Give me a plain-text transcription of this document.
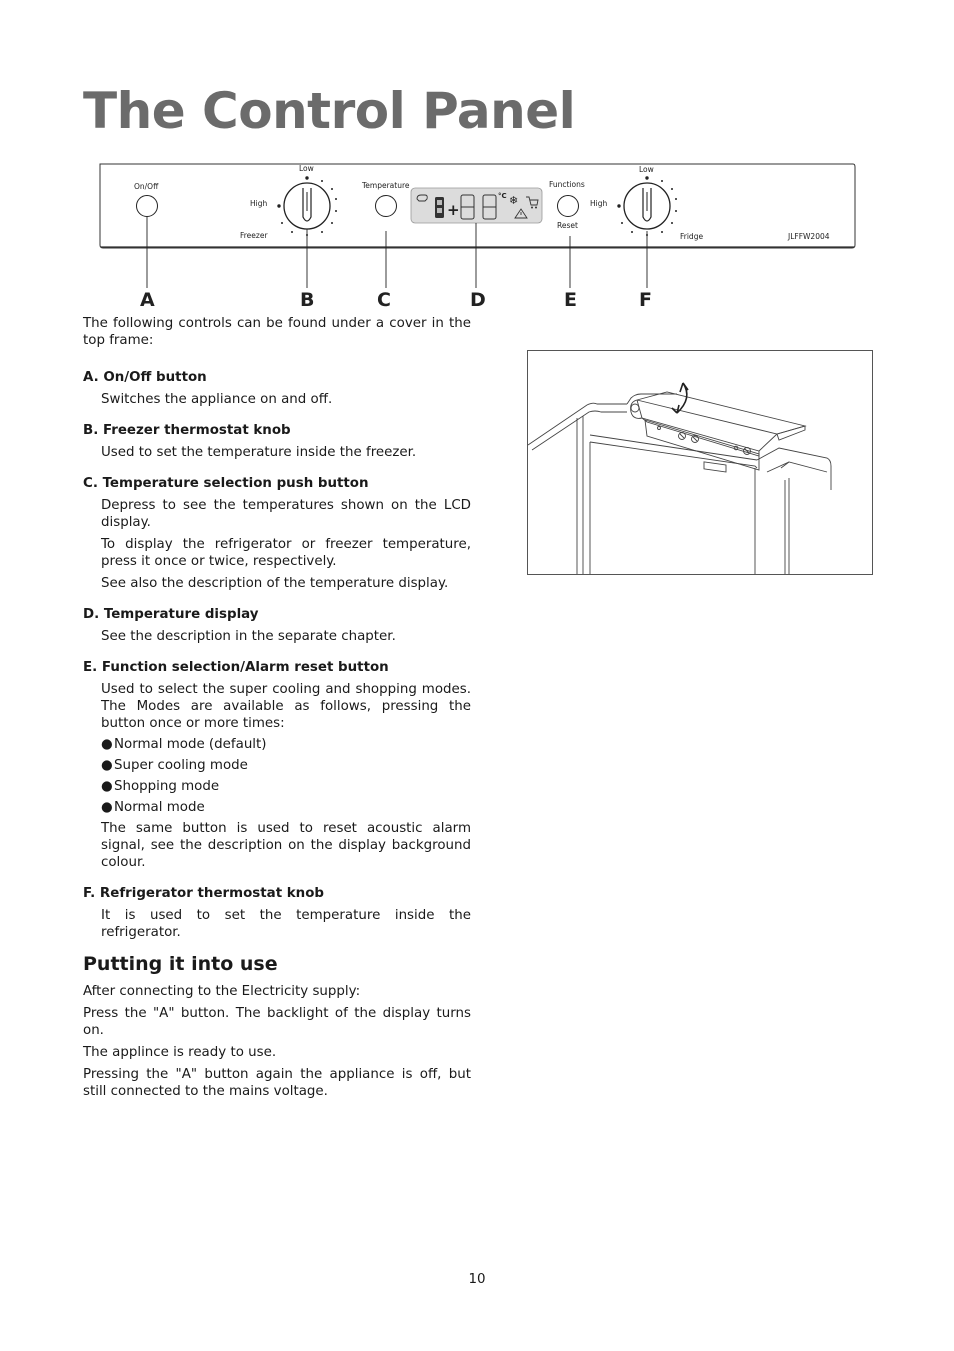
The Control Panel
On/Off
Low
High
Freezer
Temperature
+
°C ❄
Functions
Reset
Low
High
Fridge	JLFFW2004
A	B	C	D	E	F

The following controls can be found under a cover in the top frame:

A. On/Off button

Switches the appliance on and off.

B. Freezer thermostat knob

Used to set the temperature inside the freezer.

C. Temperature selection push button

Depress to see the temperatures shown on the LCD display.

To display the refrigerator or freezer temperature, press it once or twice, respectively.

See also the description of the temperature display.

D. Temperature display

See the description in the separate chapter.

E. Function selection/Alarm reset button

Used to select the super cooling and shopping modes. The Modes are available as follows, pressing the button once or more times:

●Normal mode (default)
●Super cooling mode
●Shopping mode
●Normal mode

The same button is used to reset acoustic alarm signal, see the description on the display background colour.

F. Refrigerator thermostat knob

It is used to set the temperature inside the refrigerator.

Putting it into use

After connecting to the Electricity supply:

Press the "A" button. The backlight of the display turns on.

The applince is ready to use.

Pressing the "A" button again the appliance is off, but still connected to the mains voltage.

10
